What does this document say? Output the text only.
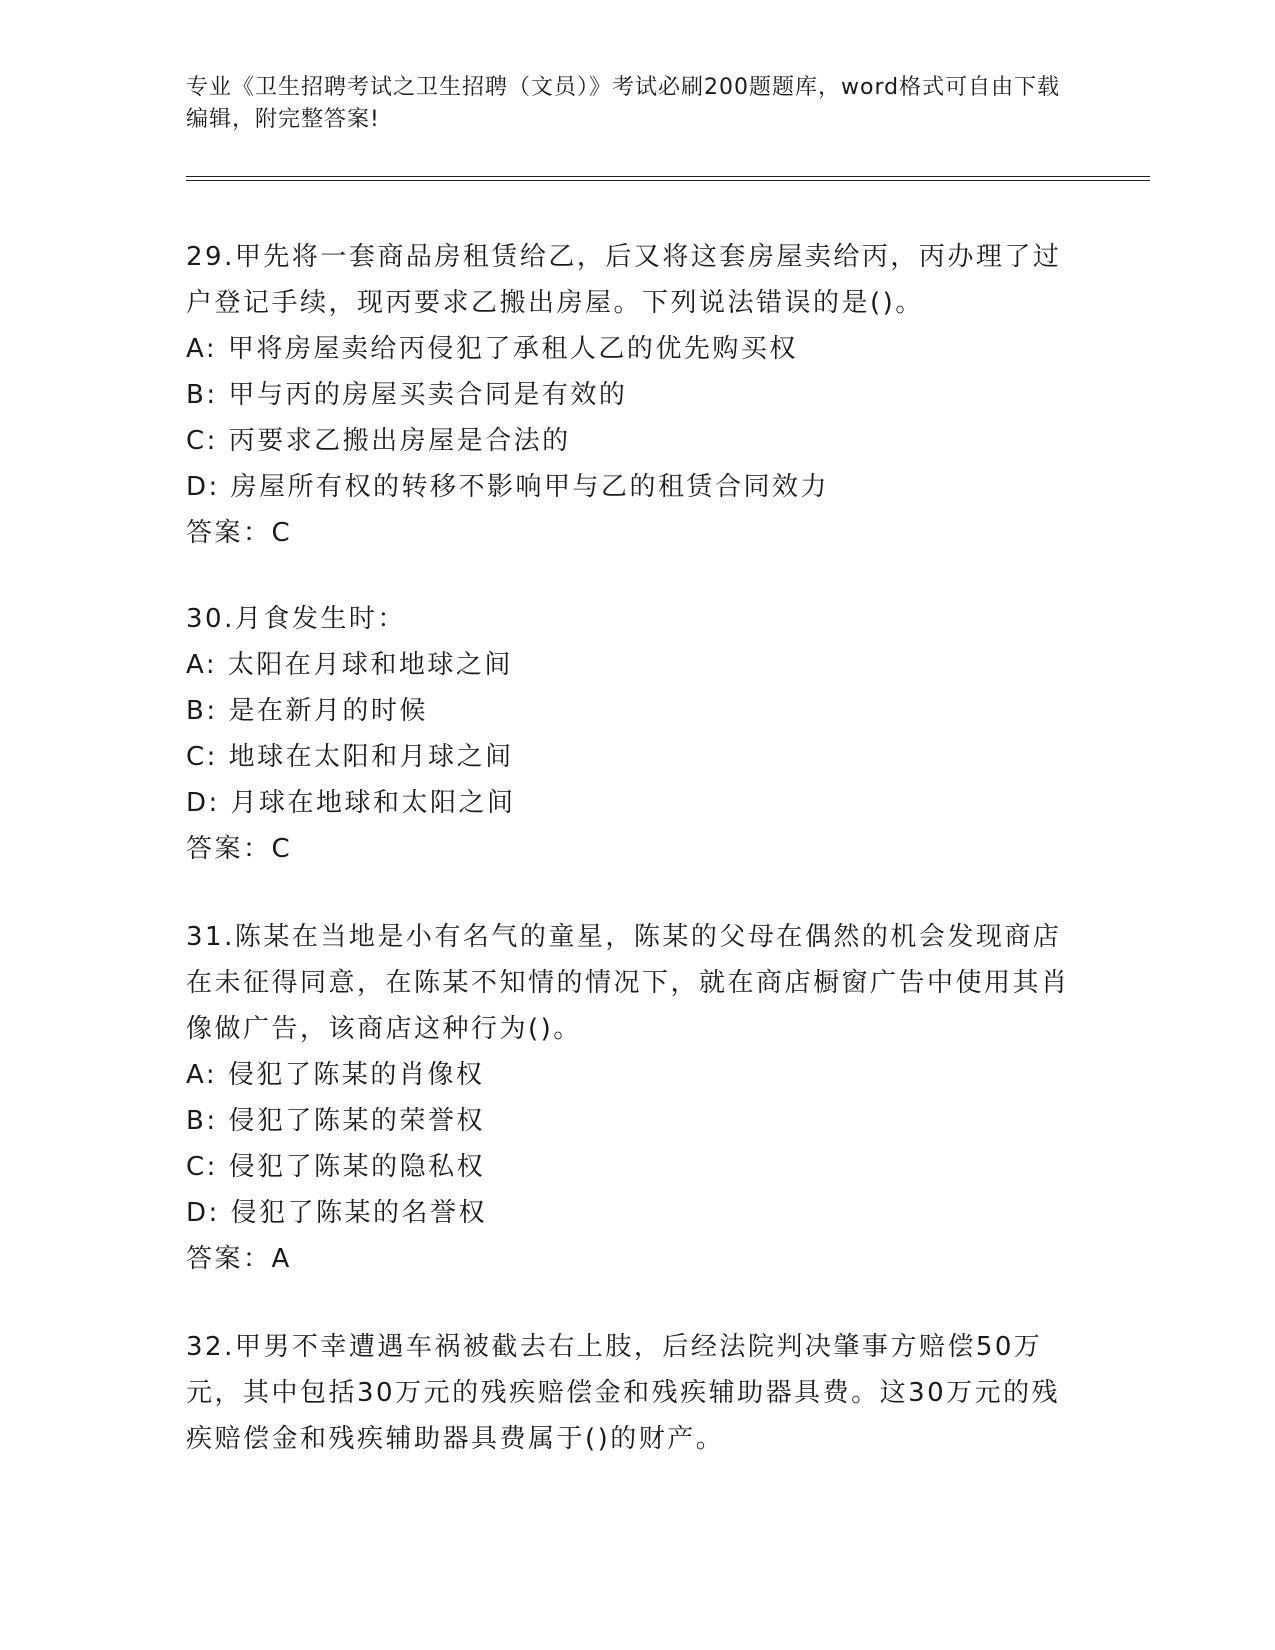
专业《卫生招聘考试之卫生招聘（文员）》考试必刷200题题库，word格式可自由下载编辑，附完整答案!
29.甲先将一套商品房租赁给乙，后又将这套房屋卖给丙，丙办理了过户登记手续，现丙要求乙搬出房屋。下列说法错误的是()。
A: 甲将房屋卖给丙侵犯了承租人乙的优先购买权
B: 甲与丙的房屋买卖合同是有效的
C: 丙要求乙搬出房屋是合法的
D: 房屋所有权的转移不影响甲与乙的租赁合同效力
答案：C
30.月食发生时：
A: 太阳在月球和地球之间
B: 是在新月的时候
C: 地球在太阳和月球之间
D: 月球在地球和太阳之间
答案：C
31.陈某在当地是小有名气的童星，陈某的父母在偶然的机会发现商店在未征得同意，在陈某不知情的情况下，就在商店橱窗广告中使用其肖像做广告，该商店这种行为()。
A: 侵犯了陈某的肖像权
B: 侵犯了陈某的荣誉权
C: 侵犯了陈某的隐私权
D: 侵犯了陈某的名誉权
答案：A
32.甲男不幸遭遇车祸被截去右上肢，后经法院判决肇事方赔偿50万元，其中包括30万元的残疾赔偿金和残疾辅助器具费。这30万元的残疾赔偿金和残疾辅助器具费属于()的财产。
